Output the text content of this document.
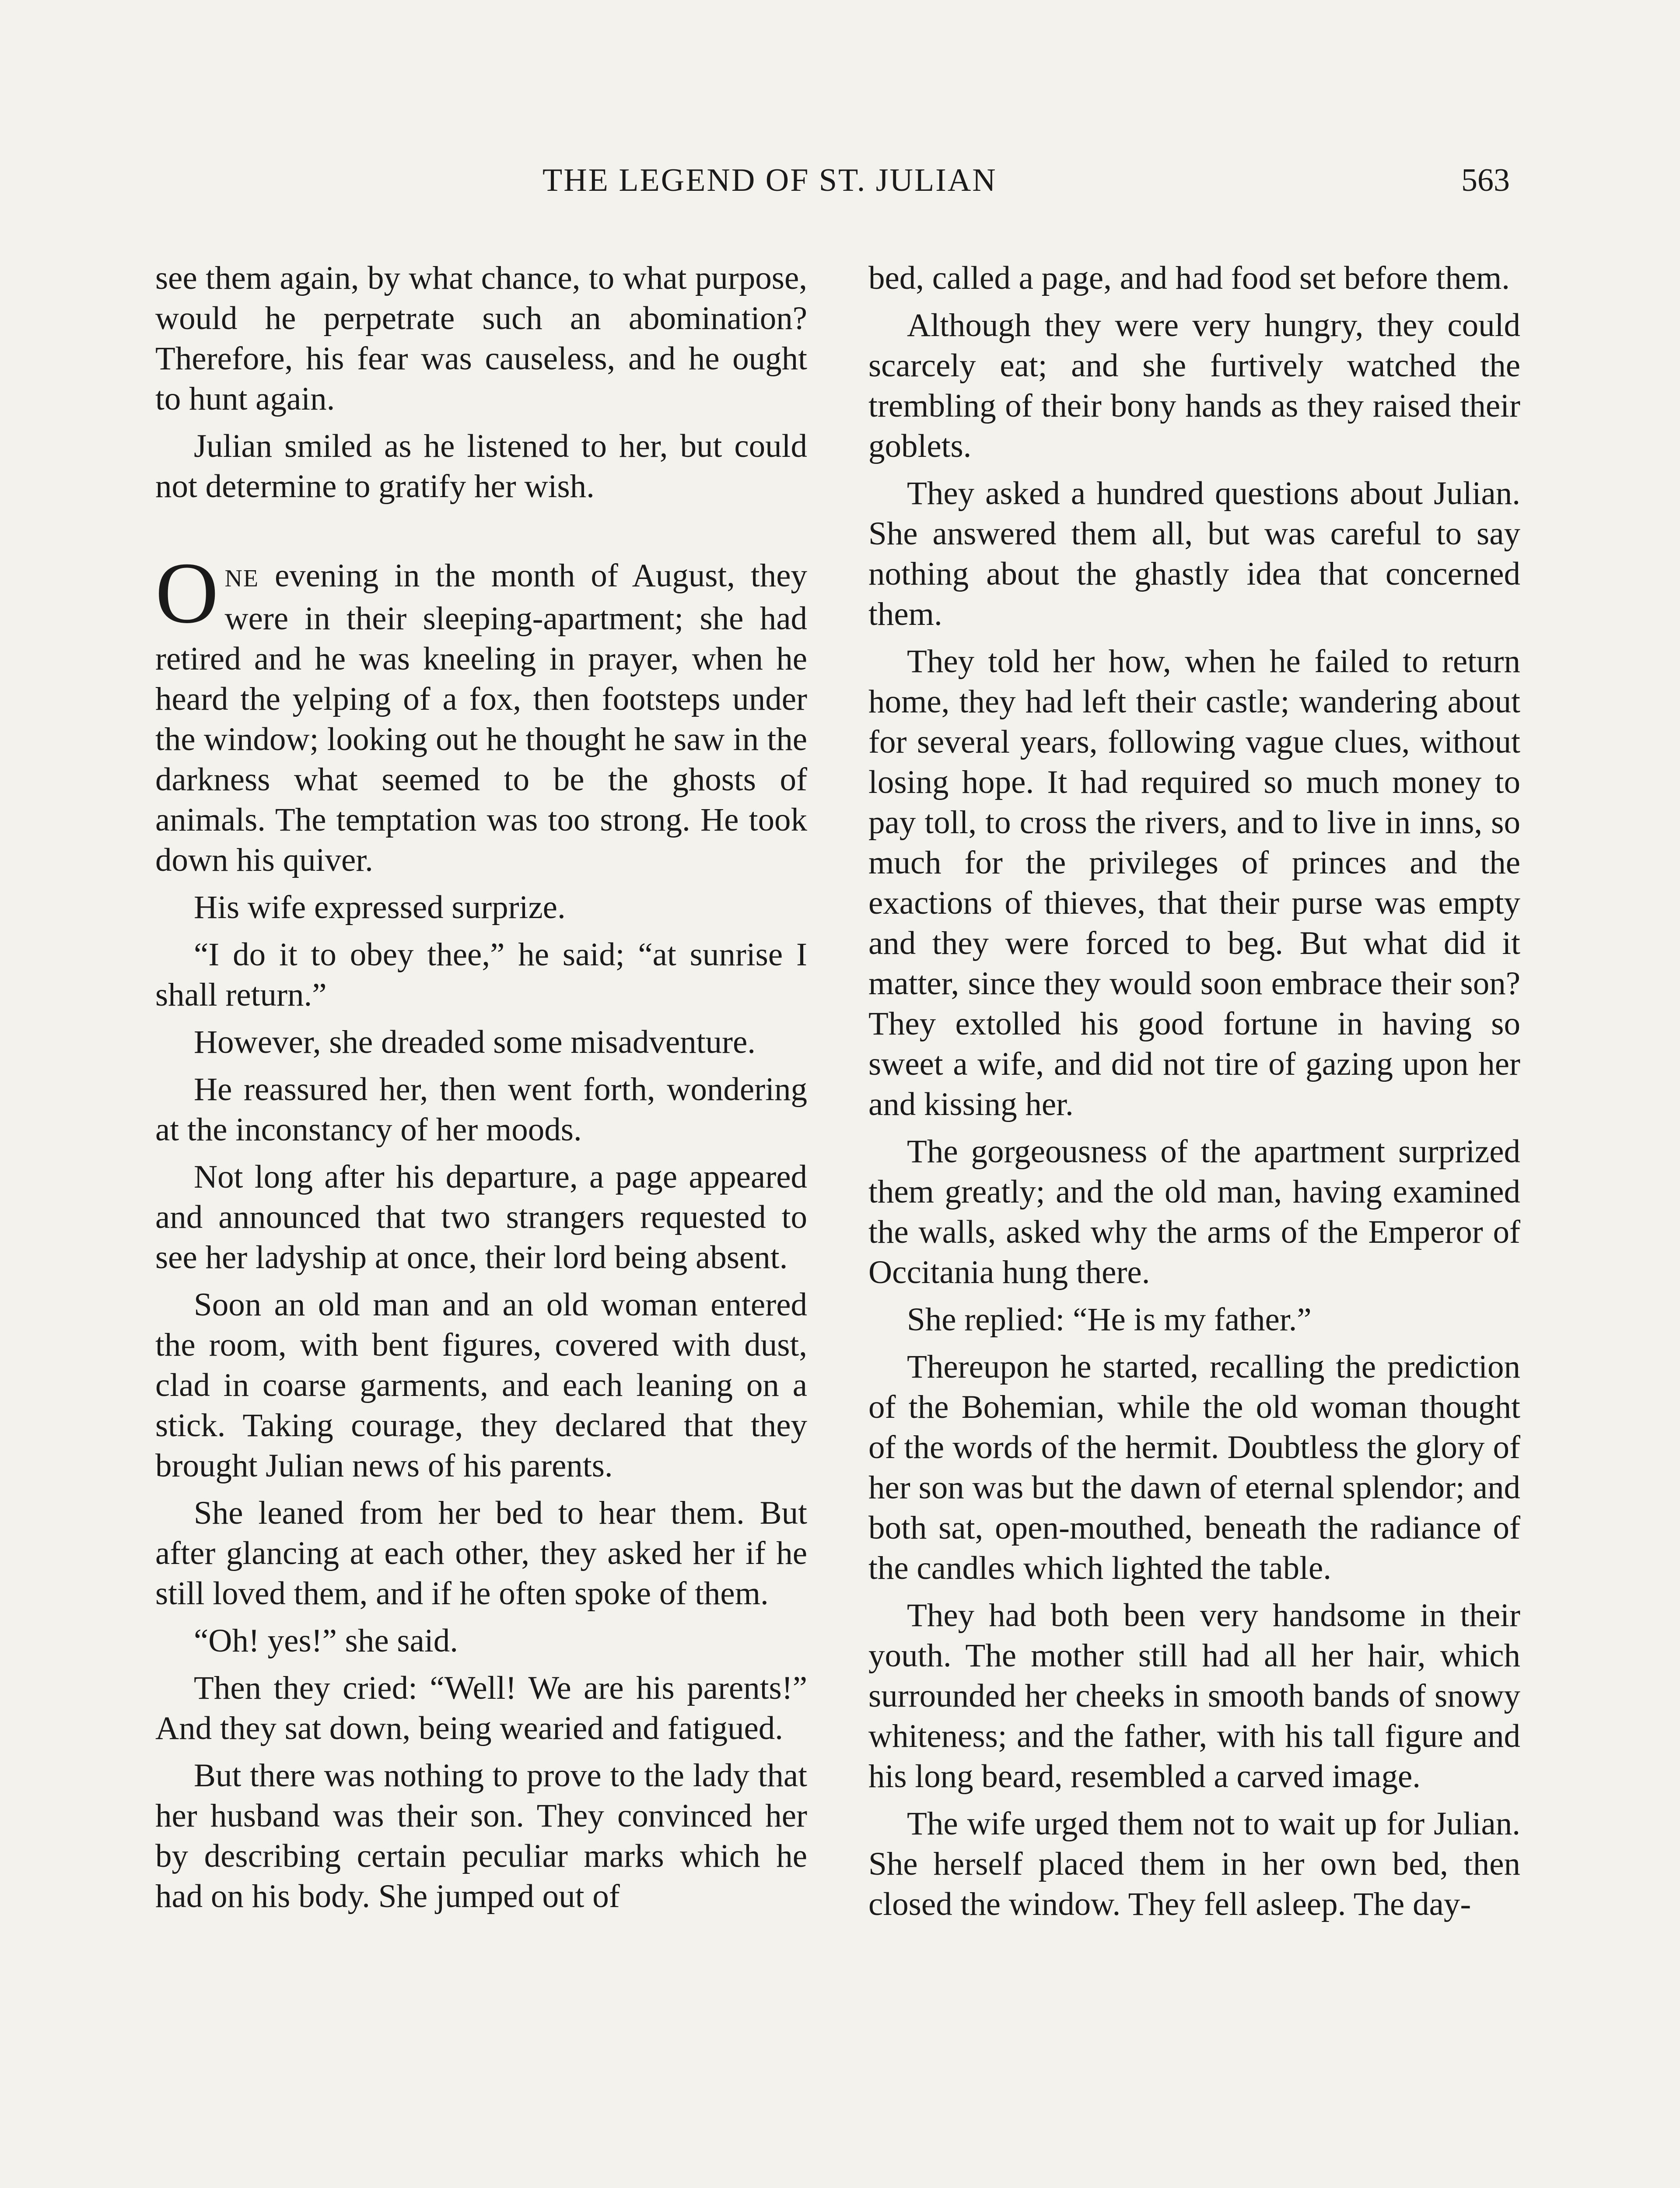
THE LEGEND OF ST. JULIAN	563

see them again, by what chance, to what purpose, would he perpetrate such an abomination? Therefore, his fear was causeless, and he ought to hunt again.

Julian smiled as he listened to her, but could not determine to gratify her wish.

ONE evening in the month of August, they were in their sleeping-apartment; she had retired and he was kneeling in prayer, when he heard the yelping of a fox, then footsteps under the window; looking out he thought he saw in the darkness what seemed to be the ghosts of animals. The temptation was too strong. He took down his quiver.

His wife expressed surprize.

“I do it to obey thee,” he said; “at sunrise I shall return.”

However, she dreaded some misadventure.

He reassured her, then went forth, wondering at the inconstancy of her moods.

Not long after his departure, a page appeared and announced that two strangers requested to see her ladyship at once, their lord being absent.

Soon an old man and an old woman entered the room, with bent figures, covered with dust, clad in coarse garments, and each leaning on a stick. Taking courage, they declared that they brought Julian news of his parents.

She leaned from her bed to hear them. But after glancing at each other, they asked her if he still loved them, and if he often spoke of them.

“Oh! yes!” she said.

Then they cried: “Well! We are his parents!” And they sat down, being wearied and fatigued.

But there was nothing to prove to the lady that her husband was their son. They convinced her by describing certain peculiar marks which he had on his body. She jumped out of

bed, called a page, and had food set before them.

Although they were very hungry, they could scarcely eat; and she furtively watched the trembling of their bony hands as they raised their goblets.

They asked a hundred questions about Julian. She answered them all, but was careful to say nothing about the ghastly idea that concerned them.

They told her how, when he failed to return home, they had left their castle; wandering about for several years, following vague clues, without losing hope. It had required so much money to pay toll, to cross the rivers, and to live in inns, so much for the privileges of princes and the exactions of thieves, that their purse was empty and they were forced to beg. But what did it matter, since they would soon embrace their son? They extolled his good fortune in having so sweet a wife, and did not tire of gazing upon her and kissing her.

The gorgeousness of the apartment surprized them greatly; and the old man, having examined the walls, asked why the arms of the Emperor of Occitania hung there.

She replied: “He is my father.”

Thereupon he started, recalling the prediction of the Bohemian, while the old woman thought of the words of the hermit. Doubtless the glory of her son was but the dawn of eternal splendor; and both sat, open-mouthed, beneath the radiance of the candles which lighted the table.

They had both been very handsome in their youth. The mother still had all her hair, which surrounded her cheeks in smooth bands of snowy whiteness; and the father, with his tall figure and his long beard, resembled a carved image.

The wife urged them not to wait up for Julian. She herself placed them in her own bed, then closed the window. They fell asleep. The day-
